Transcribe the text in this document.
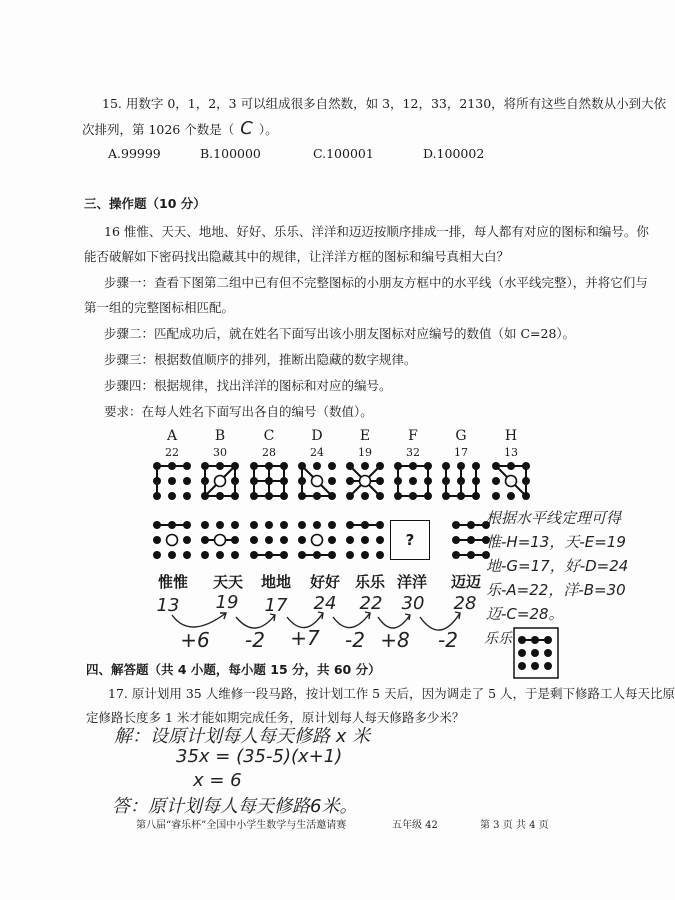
15. 用数字 0，1，2，3 可以组成很多自然数，如 3，12，33，2130，将所有这些自然数从小到大依
次排列，第 1026 个数是（ C ）。
A.99999	B.100000	C.100001	D.100002
三、操作题（10 分）
16 惟惟、天天、地地、好好、乐乐、洋洋和迈迈按顺序排成一排，每人都有对应的图标和编号。你
能否破解如下密码找出隐藏其中的规律，让洋洋方框的图标和编号真相大白？
步骤一：查看下图第二组中已有但不完整图标的小朋友方框中的水平线（水平线完整），并将它们与
第一组的完整图标相匹配。
步骤二：匹配成功后，就在姓名下面写出该小朋友图标对应编号的数值（如 C=28）。
步骤三：根据数值顺序的排列，推断出隐藏的数字规律。
步骤四：根据规律，找出洋洋的图标和对应的编号。
要求：在每人姓名下面写出各自的编号（数值）。
A	B	C	D	E	F	G	H
22	30	28	24	19	32	17	13
?
惟惟	天天	地地	好好 乐乐 洋洋	迈迈
13	19	17	24	22	30	28
+6	-2	+7	-2 +8	-2
根据水平线定理可得
惟-H=13，天-E=19
地-G=17，好-D=24
乐-A=22，洋-B=30
迈-C=28。
乐乐
四、解答题（共 4 小题，每小题 15 分，共 60 分）
17. 原计划用 35 人维修一段马路，按计划工作 5 天后，因为调走了 5 人，于是剩下修路工人每天比原
定修路长度多 1 米才能如期完成任务，原计划每人每天修路多少米？
解：设原计划每人每天修路 x 米
35x = (35-5)(x+1)
x = 6
答：原计划每人每天修路6米。
第八届“睿乐杯”全国中小学生数学与生活邀请赛	五年级 42	第 3 页 共 4 页
